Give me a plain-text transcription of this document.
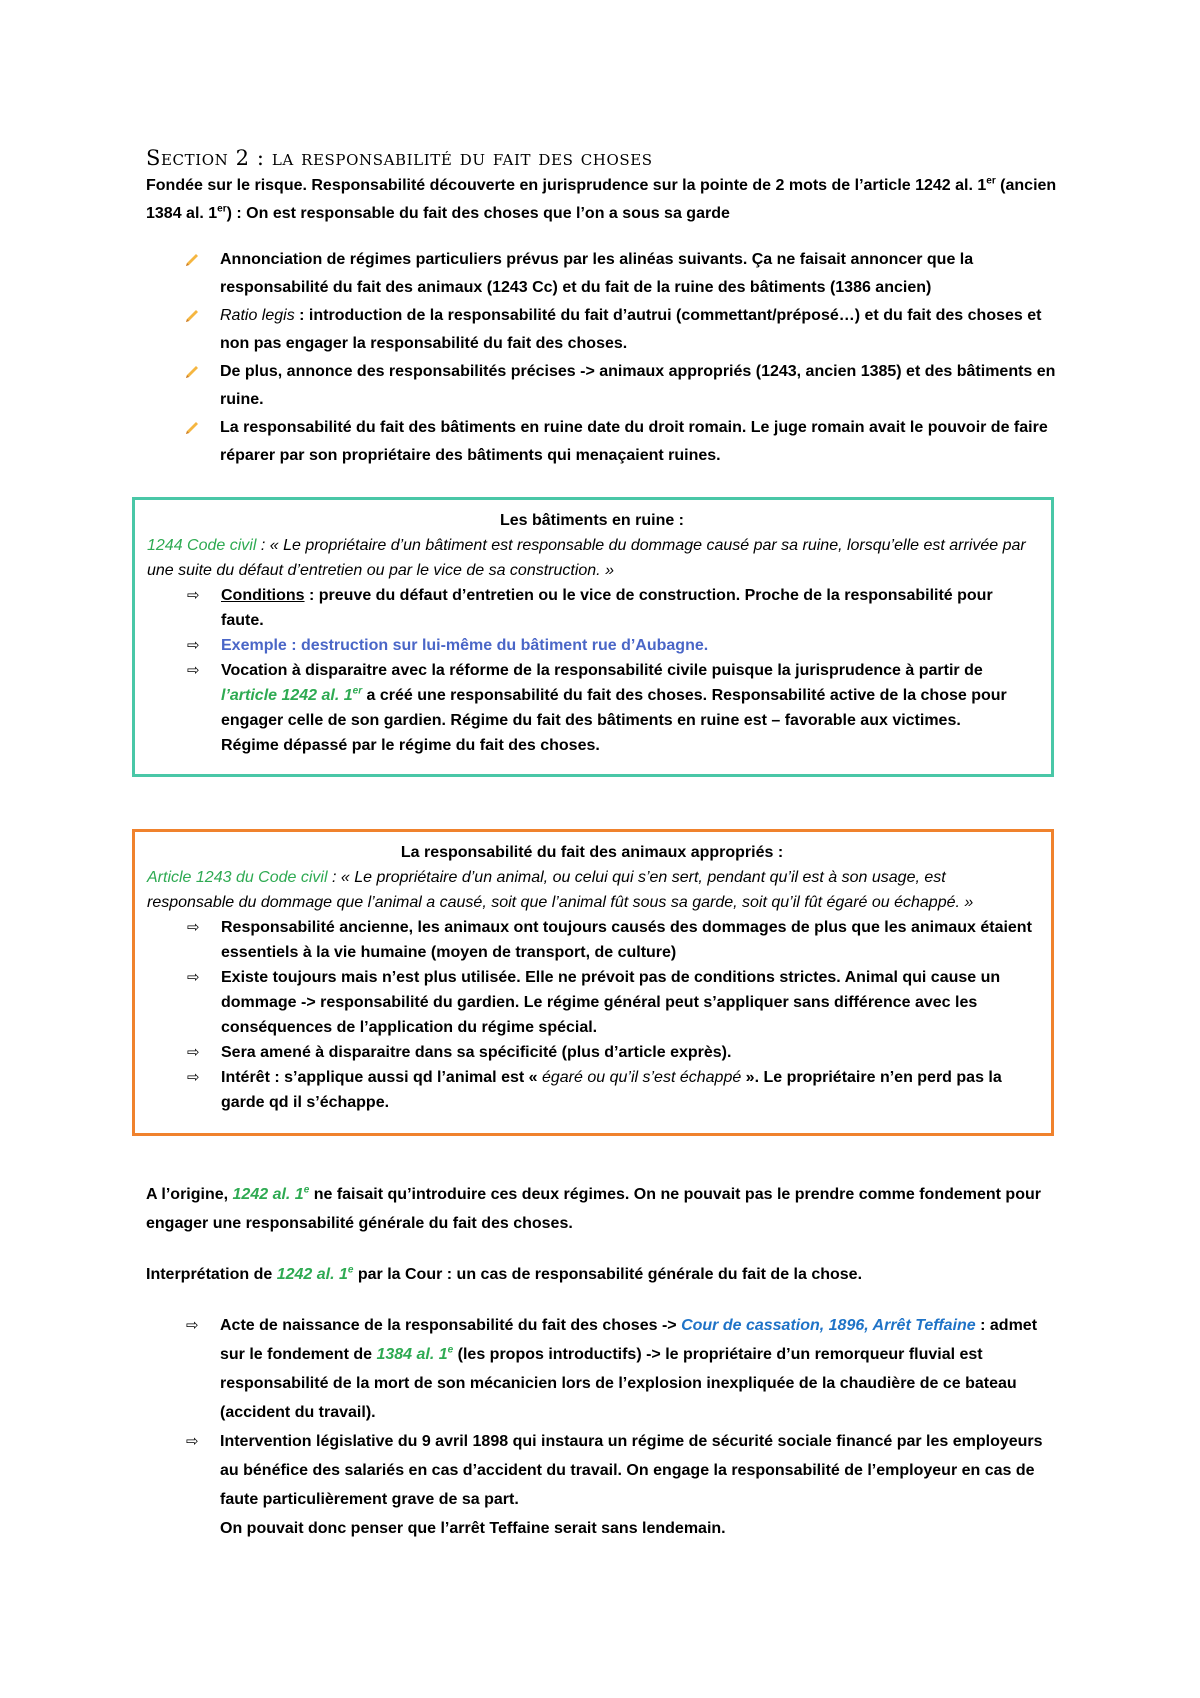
Section 2 : la responsabilité du fait des choses

Fondée sur le risque. Responsabilité découverte en jurisprudence sur la pointe de 2 mots de l’article 1242 al. 1er (ancien 1384 al. 1er) : On est responsable du fait des choses que l’on a sous sa garde

Annonciation de régimes particuliers prévus par les alinéas suivants. Ça ne faisait annoncer que la responsabilité du fait des animaux (1243 Cc) et du fait de la ruine des bâtiments (1386 ancien)
Ratio legis : introduction de la responsabilité du fait d’autrui (commettant/préposé…) et du fait des choses et non pas engager la responsabilité du fait des choses.
De plus, annonce des responsabilités précises -> animaux appropriés (1243, ancien 1385) et des bâtiments en ruine.
La responsabilité du fait des bâtiments en ruine date du droit romain. Le juge romain avait le pouvoir de faire réparer par son propriétaire des bâtiments qui menaçaient ruines.
Les bâtiments en ruine :

1244 Code civil : « Le propriétaire d’un bâtiment est responsable du dommage causé par sa ruine, lorsqu’elle est arrivée par une suite du défaut d’entretien ou par le vice de sa construction. »

⇨ Conditions : preuve du défaut d’entretien ou le vice de construction. Proche de la responsabilité pour faute.
⇨ Exemple : destruction sur lui-même du bâtiment rue d’Aubagne.
⇨ Vocation à disparaitre avec la réforme de la responsabilité civile puisque la jurisprudence à partir de l’article 1242 al. 1er a créé une responsabilité du fait des choses. Responsabilité active de la chose pour engager celle de son gardien. Régime du fait des bâtiments en ruine est – favorable aux victimes.
Régime dépassé par le régime du fait des choses.
La responsabilité du fait des animaux appropriés :

Article 1243 du Code civil : « Le propriétaire d’un animal, ou celui qui s’en sert, pendant qu’il est à son usage, est responsable du dommage que l’animal a causé, soit que l’animal fût sous sa garde, soit qu’il fût égaré ou échappé. »

⇨ Responsabilité ancienne, les animaux ont toujours causés des dommages de plus que les animaux étaient essentiels à la vie humaine (moyen de transport, de culture)
⇨ Existe toujours mais n’est plus utilisée. Elle ne prévoit pas de conditions strictes. Animal qui cause un dommage -> responsabilité du gardien. Le régime général peut s’appliquer sans différence avec les conséquences de l’application du régime spécial.
⇨ Sera amené à disparaitre dans sa spécificité (plus d’article exprès).
⇨ Intérêt : s’applique aussi qd l’animal est « égaré ou qu’il s’est échappé ». Le propriétaire n’en perd pas la garde qd il s’échappe.

A l’origine, 1242 al. 1e ne faisait qu’introduire ces deux régimes. On ne pouvait pas le prendre comme fondement pour engager une responsabilité générale du fait des choses.

Interprétation de 1242 al. 1e par la Cour : un cas de responsabilité générale du fait de la chose.

⇨ Acte de naissance de la responsabilité du fait des choses -> Cour de cassation, 1896, Arrêt Teffaine : admet sur le fondement de 1384 al. 1e (les propos introductifs) -> le propriétaire d’un remorqueur fluvial est responsabilité de la mort de son mécanicien lors de l’explosion inexpliquée de la chaudière de ce bateau (accident du travail).
⇨ Intervention législative du 9 avril 1898 qui instaura un régime de sécurité sociale financé par les employeurs au bénéfice des salariés en cas d’accident du travail. On engage la responsabilité de l’employeur en cas de faute particulièrement grave de sa part.
On pouvait donc penser que l’arrêt Teffaine serait sans lendemain.
